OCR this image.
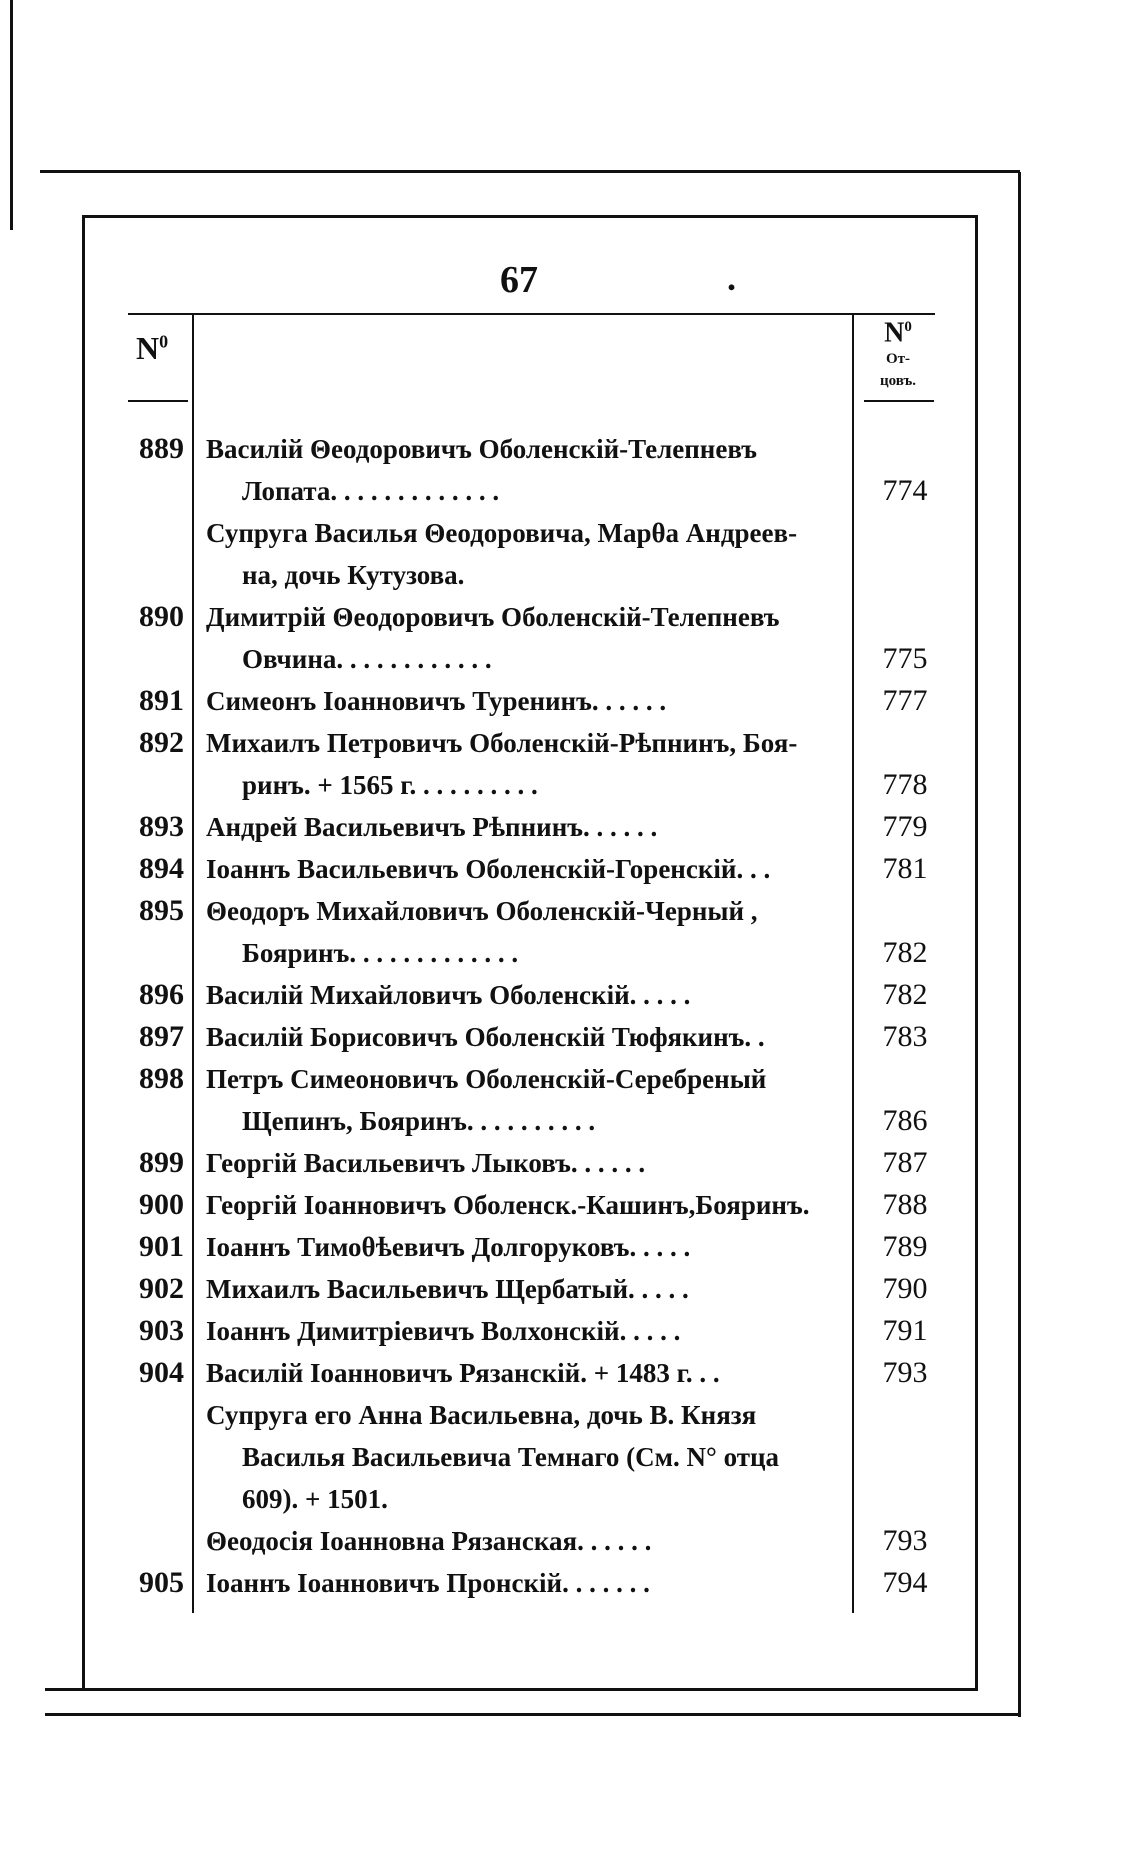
67	.
$N^0$	$N^0$
От-
цовъ.
889 Василій Θеодоровичъ Оболенскій-Телепневъ
Лопата. . . . . . . . . . . . .	774
Супруга Василья Θеодоровича, Марθа Андреев-
на, дочь Кутузова.
890 Димитрій Θеодоровичъ Оболенскій-Телепневъ
Овчина. . . . . . . . . . . .	775
891 Симеонъ Іоанновичъ Туренинъ. . . . . .	777
892 Михаилъ Петровичъ Оболенскій-Рѣпнинъ, Боя-
ринъ. + 1565 г. . . . . . . . . .	778
893 Андрей Васильевичъ Рѣпнинъ. . . . . .	779
894 Іоаннъ Васильевичъ Оболенскій-Горенскій. . .	781
895 Θеодоръ Михайловичъ Оболенскій-Черный ,
Бояринъ. . . . . . . . . . . . .	782
896 Василій Михайловичъ Оболенскій. . . . .	782
897 Василій Борисовичъ Оболенскій Тюфякинъ. .	783
898 Петръ Симеоновичъ Оболенскій-Серебреный
Щепинъ, Бояринъ. . . . . . . . . .	786
899 Георгій Васильевичъ Лыковъ. . . . . .	787
900 Георгій Іоанновичъ Оболенск.-Кашинъ,Бояринъ.	788
901 Іоаннъ Тимоθѣевичъ Долгоруковъ. . . . .	789
902 Михаилъ Васильевичъ Щербатый. . . . .	790
903 Іоаннъ Димитріевичъ Волхонскій. . . . .	791
904 Василій Іоанновичъ Рязанскій. + 1483 г. . .	793
Супруга его Анна Васильевна, дочь В. Князя
Василья Васильевича Темнаго (См. N° отца
609). + 1501.
Θеодосія Іоанновна Рязанская. . . . . .	793
905 Іоаннъ Іоанновичъ Пронскій. . . . . . .	794
